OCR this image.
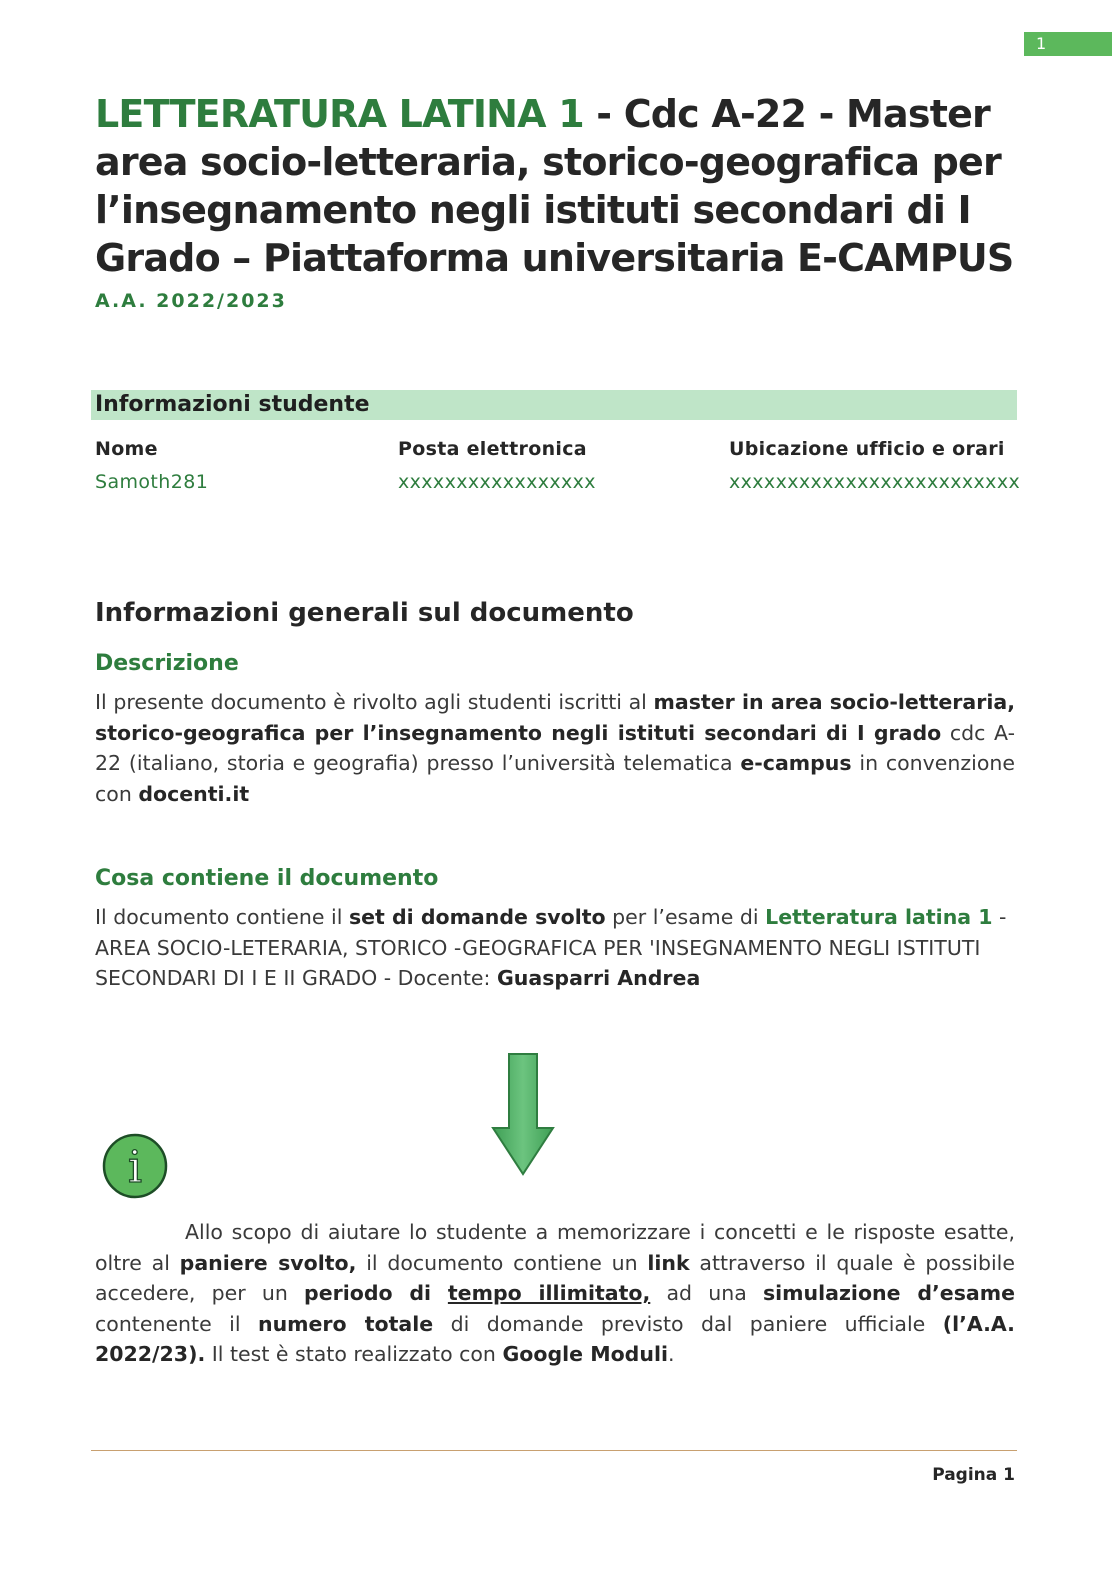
1
LETTERATURA LATINA 1 - Cdc A-22 - Master area socio-letteraria, storico-geografica per l’insegnamento negli istituti secondari di I Grado – Piattaforma universitaria E-CAMPUS
A.A. 2022/2023
Informazioni studente
Nome
Samoth281
Posta elettronica
xxxxxxxxxxxxxxxxx
Ubicazione ufficio e orari
xxxxxxxxxxxxxxxxxxxxxxxxx
Informazioni generali sul documento
Descrizione

Il presente documento è rivolto agli studenti iscritti al master in area socio-letteraria, storico-geografica per l’insegnamento negli istituti secondari di I grado cdc A-22 (italiano, storia e geografia) presso l’università telematica e-campus in convenzione con docenti.it

Cosa contiene il documento

Il documento contiene il set di domande svolto per l’esame di Letteratura latina 1 - AREA SOCIO-LETERARIA, STORICO -GEOGRAFICA PER 'INSEGNAMENTO NEGLI ISTITUTI SECONDARI DI I E II GRADO - Docente: Guasparri Andrea

i

Allo scopo di aiutare lo studente a memorizzare i concetti e le risposte esatte, oltre al paniere svolto, il documento contiene un link attraverso il quale è possibile accedere, per un periodo di tempo illimitato, ad una simulazione d’esame contenente il numero totale di domande previsto dal paniere ufficiale (l’A.A. 2022/23). Il test è stato realizzato con Google Moduli.

Pagina 1
